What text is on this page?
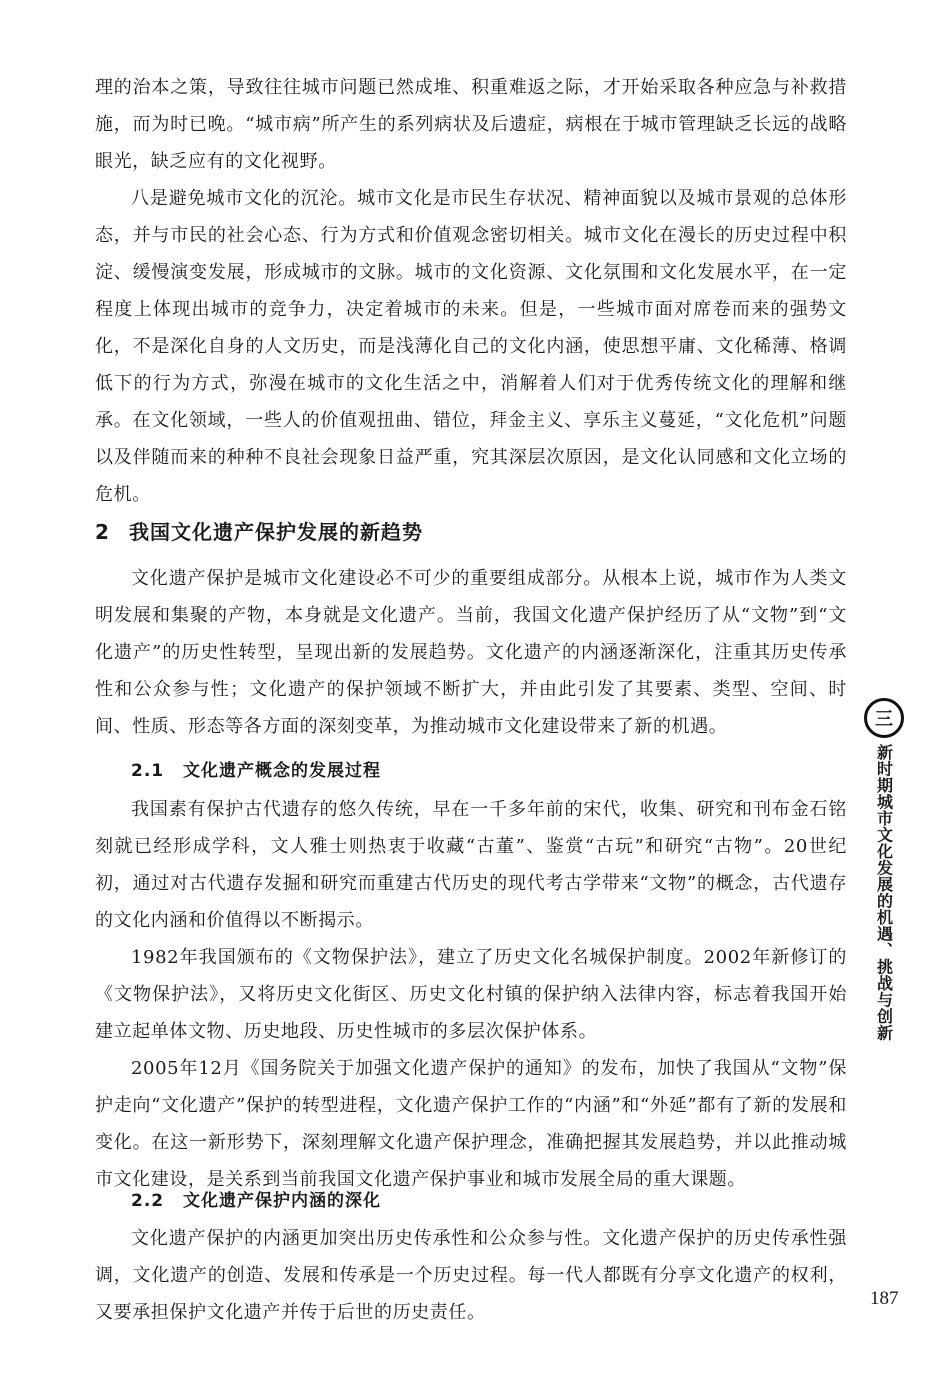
理的治本之策，导致往往城市问题已然成堆、积重难返之际，才开始采取各种应急与补救措施，而为时已晚。“城市病”所产生的系列病状及后遗症，病根在于城市管理缺乏长远的战略眼光，缺乏应有的文化视野。

八是避免城市文化的沉沦。城市文化是市民生存状况、精神面貌以及城市景观的总体形态，并与市民的社会心态、行为方式和价值观念密切相关。城市文化在漫长的历史过程中积淀、缓慢演变发展，形成城市的文脉。城市的文化资源、文化氛围和文化发展水平，在一定程度上体现出城市的竞争力，决定着城市的未来。但是，一些城市面对席卷而来的强势文化，不是深化自身的人文历史，而是浅薄化自己的文化内涵，使思想平庸、文化稀薄、格调低下的行为方式，弥漫在城市的文化生活之中，消解着人们对于优秀传统文化的理解和继承。在文化领域，一些人的价值观扭曲、错位，拜金主义、享乐主义蔓延，“文化危机”问题以及伴随而来的种种不良社会现象日益严重，究其深层次原因，是文化认同感和文化立场的危机。

2 我国文化遗产保护发展的新趋势

文化遗产保护是城市文化建设必不可少的重要组成部分。从根本上说，城市作为人类文明发展和集聚的产物，本身就是文化遗产。当前，我国文化遗产保护经历了从“文物”到“文化遗产”的历史性转型，呈现出新的发展趋势。文化遗产的内涵逐渐深化，注重其历史传承性和公众参与性；文化遗产的保护领域不断扩大，并由此引发了其要素、类型、空间、时间、性质、形态等各方面的深刻变革，为推动城市文化建设带来了新的机遇。

2.1 文化遗产概念的发展过程

我国素有保护古代遗存的悠久传统，早在一千多年前的宋代，收集、研究和刊布金石铭刻就已经形成学科，文人雅士则热衷于收藏“古董”、鉴赏“古玩”和研究“古物”。20世纪初，通过对古代遗存发掘和研究而重建古代历史的现代考古学带来“文物”的概念，古代遗存的文化内涵和价值得以不断揭示。

1982年我国颁布的《文物保护法》，建立了历史文化名城保护制度。2002年新修订的《文物保护法》，又将历史文化街区、历史文化村镇的保护纳入法律内容，标志着我国开始建立起单体文物、历史地段、历史性城市的多层次保护体系。

2005年12月《国务院关于加强文化遗产保护的通知》的发布，加快了我国从“文物”保护走向“文化遗产”保护的转型进程，文化遗产保护工作的“内涵”和“外延”都有了新的发展和变化。在这一新形势下，深刻理解文化遗产保护理念，准确把握其发展趋势，并以此推动城市文化建设，是关系到当前我国文化遗产保护事业和城市发展全局的重大课题。

2.2 文化遗产保护内涵的深化

文化遗产保护的内涵更加突出历史传承性和公众参与性。文化遗产保护的历史传承性强调，文化遗产的创造、发展和传承是一个历史过程。每一代人都既有分享文化遗产的权利，又要承担保护文化遗产并传于后世的历史责任。

三
新时期城市文化发展的机遇、挑战与创新
187
